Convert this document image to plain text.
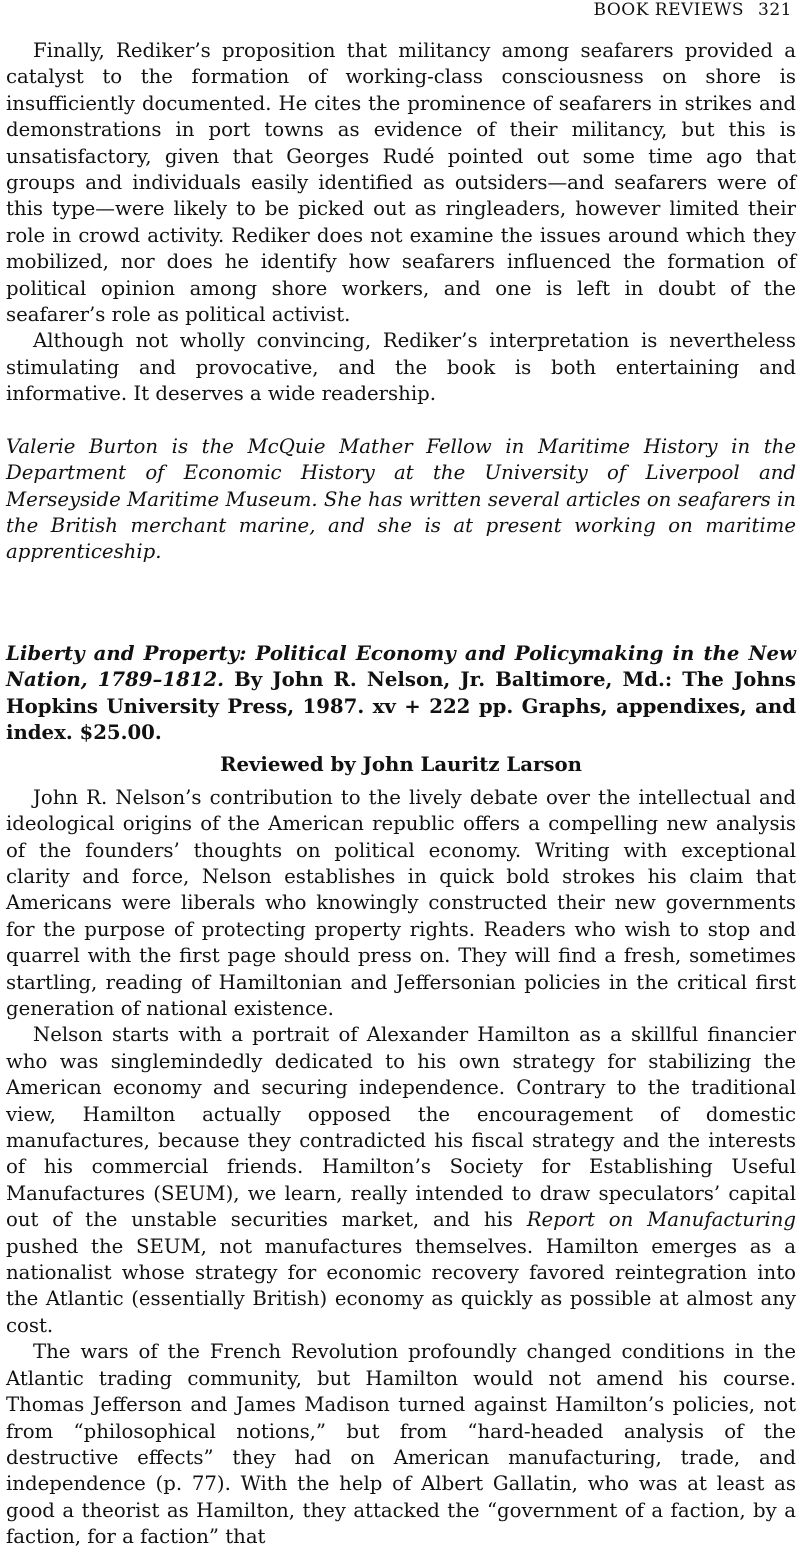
BOOK REVIEWS 321

Finally, Rediker’s proposition that militancy among seafarers provided a catalyst to the formation of working-class consciousness on shore is insufficiently documented. He cites the prominence of seafarers in strikes and demonstrations in port towns as evidence of their militancy, but this is unsatisfactory, given that Georges Rudé pointed out some time ago that groups and individuals easily identified as outsiders—and seafarers were of this type—were likely to be picked out as ringleaders, however limited their role in crowd activity. Rediker does not examine the issues around which they mobilized, nor does he identify how seafarers influenced the formation of political opinion among shore workers, and one is left in doubt of the seafarer’s role as political activist.

Although not wholly convincing, Rediker’s interpretation is nevertheless stimulating and provocative, and the book is both entertaining and informative. It deserves a wide readership.

Valerie Burton is the McQuie Mather Fellow in Maritime History in the Department of Economic History at the University of Liverpool and Merseyside Maritime Museum. She has written several articles on seafarers in the British merchant marine, and she is at present working on maritime apprenticeship.

Liberty and Property: Political Economy and Policymaking in the New Nation, 1789–1812. By John R. Nelson, Jr. Baltimore, Md.: The Johns Hopkins University Press, 1987. xv + 222 pp. Graphs, appendixes, and index. $25.00.

Reviewed by John Lauritz Larson

John R. Nelson’s contribution to the lively debate over the intellectual and ideological origins of the American republic offers a compelling new analysis of the founders’ thoughts on political economy. Writing with exceptional clarity and force, Nelson establishes in quick bold strokes his claim that Americans were liberals who knowingly constructed their new governments for the purpose of protecting property rights. Readers who wish to stop and quarrel with the first page should press on. They will find a fresh, sometimes startling, reading of Hamiltonian and Jeffersonian policies in the critical first generation of national existence.

Nelson starts with a portrait of Alexander Hamilton as a skillful financier who was singlemindedly dedicated to his own strategy for stabilizing the American economy and securing independence. Contrary to the traditional view, Hamilton actually opposed the encouragement of domestic manufactures, because they contradicted his fiscal strategy and the interests of his commercial friends. Hamilton’s Society for Establishing Useful Manufactures (SEUM), we learn, really intended to draw speculators’ capital out of the unstable securities market, and his Report on Manufacturing pushed the SEUM, not manufactures themselves. Hamilton emerges as a nationalist whose strategy for economic recovery favored reintegration into the Atlantic (essentially British) economy as quickly as possible at almost any cost.

The wars of the French Revolution profoundly changed conditions in the Atlantic trading community, but Hamilton would not amend his course. Thomas Jefferson and James Madison turned against Hamilton’s policies, not from “philosophical notions,” but from “hard-headed analysis of the destructive effects” they had on American manufacturing, trade, and independence (p. 77). With the help of Albert Gallatin, who was at least as good a theorist as Hamilton, they attacked the “government of a faction, by a faction, for a faction” that
